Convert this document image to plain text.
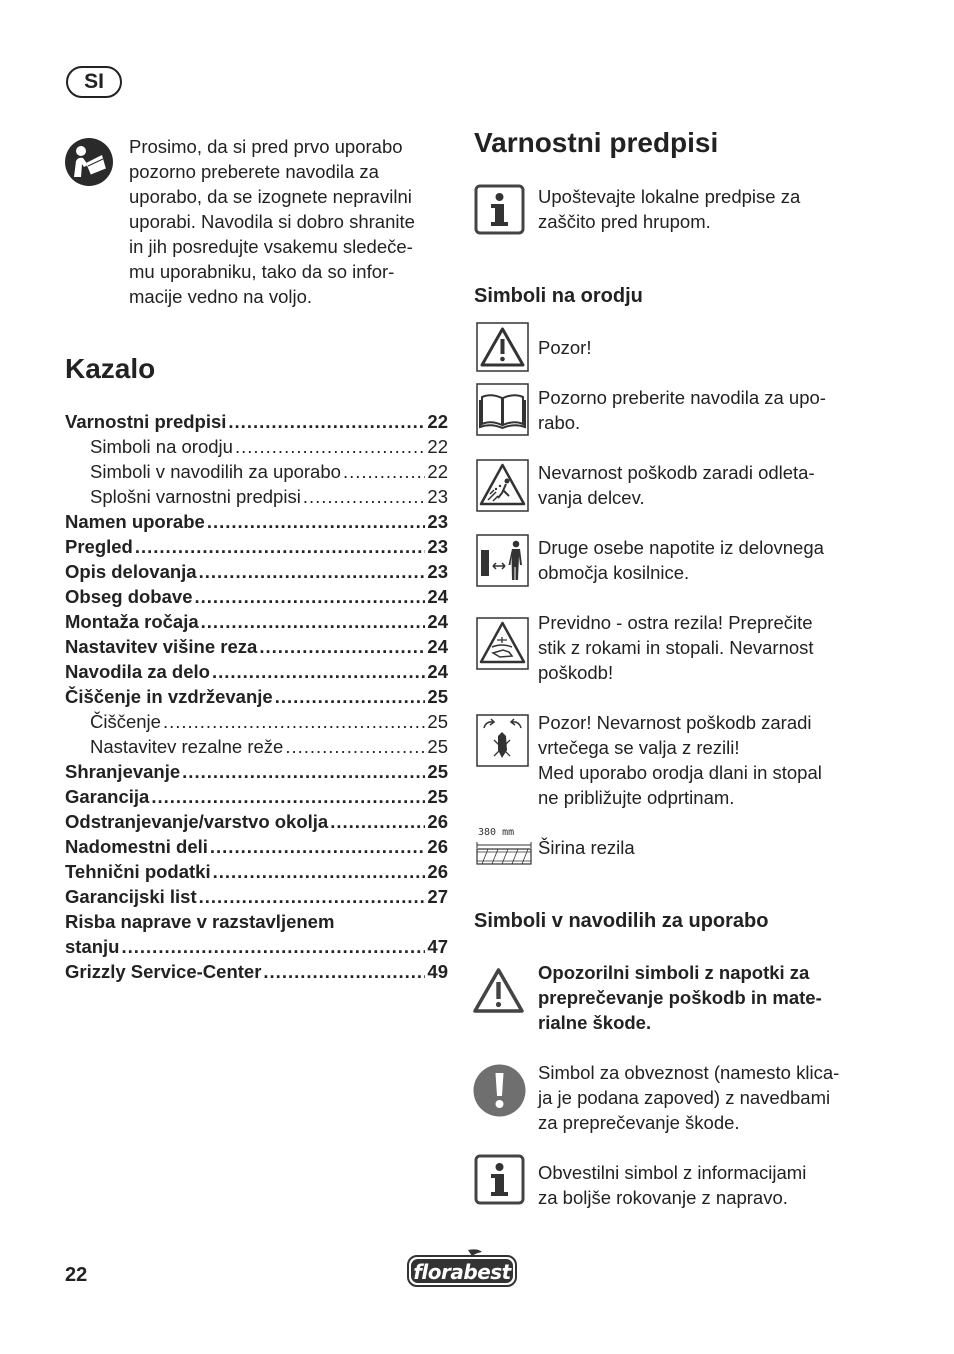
SI

Prosimo, da si pred prvo uporabo
pozorno preberete navodila za
uporabo, da se izognete nepravilni
uporabi. Navodila si dobro shranite
in jih posredujte vsakemu sledeče-
mu uporabniku, tako da so infor-
macije vedno na voljo.

Kazalo
Varnostni predpisi .....	22
Simboli na orodju .....	22
Simboli v navodilih za uporabo .....	22
Splošni varnostni predpisi .....	23
Namen uporabe .....	23
Pregled .....	23
Opis delovanja .....	23
Obseg dobave .....	24
Montaža ročaja .....	24
Nastavitev višine reza .....	24
Navodila za delo .....	24
Čiščenje in vzdrževanje .....	25
Čiščenje .....	25
Nastavitev rezalne reže .....	25
Shranjevanje .....	25
Garancija .....	25
Odstranjevanje/varstvo okolja .....	26
Nadomestni deli .....	26
Tehnični podatki .....	26
Garancijski list .....	27
Risba naprave v razstavljenem
stanju .....	47
Grizzly Service-Center .....	49
Varnostni predpisi

Upoštevajte lokalne predpise za
zaščito pred hrupom.

Simboli na orodju

Pozor!

Pozorno preberite navodila za upo-
rabo.

Nevarnost poškodb zaradi odleta-
vanja delcev.

Druge osebe napotite iz delovnega
območja kosilnice.

Previdno - ostra rezila! Preprečite
stik z rokami in stopali. Nevarnost
poškodb!

Pozor! Nevarnost poškodb zaradi
vrtečega se valja z rezili!
Med uporabo orodja dlani in stopal
ne približujte odprtinam.

380 mm

Širina rezila

Simboli v navodilih za uporabo

Opozorilni simboli z napotki za
preprečevanje poškodb in mate-
rialne škode.

Simbol za obveznost (namesto klica-
ja je podana zapoved) z navedbami
za preprečevanje škode.

Obvestilni simbol z informacijami
za boljše rokovanje z napravo.

22	florabest
